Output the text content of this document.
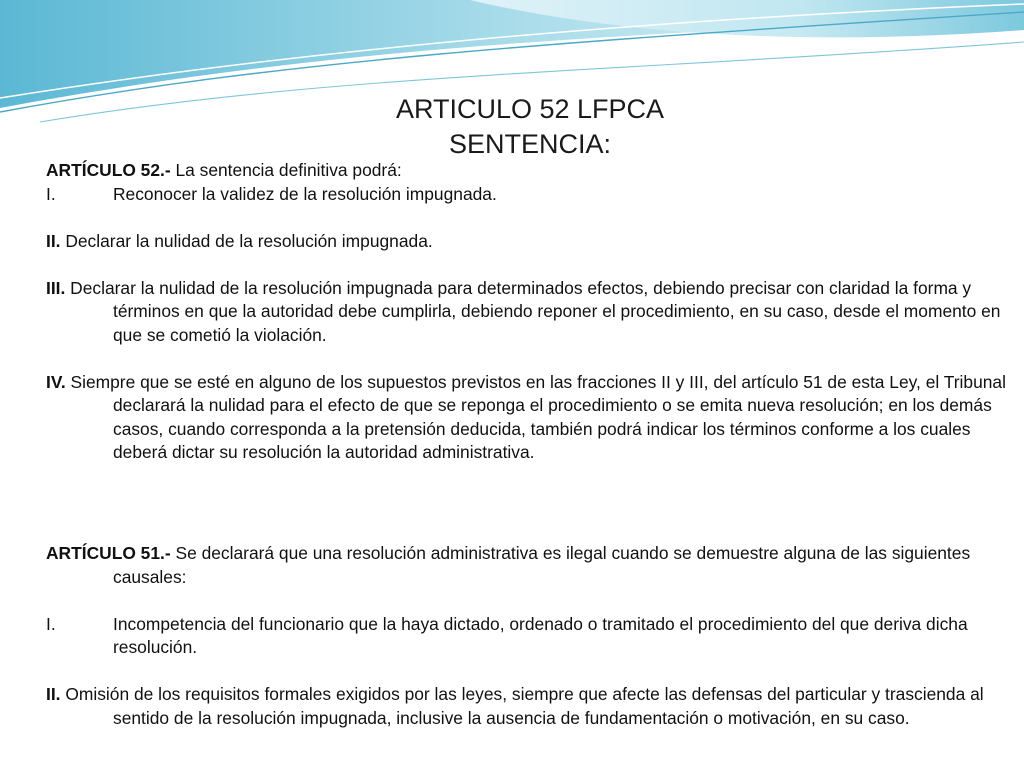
ARTICULO 52 LFPCA
SENTENCIA:
ARTÍCULO 52.- La sentencia definitiva podrá:
I.	Reconocer la validez de la resolución impugnada.
II. Declarar la nulidad de la resolución impugnada.
III. Declarar la nulidad de la resolución impugnada para determinados efectos, debiendo precisar con claridad la forma y términos en que la autoridad debe cumplirla, debiendo reponer el procedimiento, en su caso, desde el momento en que se cometió la violación.
IV. Siempre que se esté en alguno de los supuestos previstos en las fracciones II y III, del artículo 51 de esta Ley, el Tribunal declarará la nulidad para el efecto de que se reponga el procedimiento o se emita nueva resolución; en los demás casos, cuando corresponda a la pretensión deducida, también podrá indicar los términos conforme a los cuales deberá dictar su resolución la autoridad administrativa.
ARTÍCULO 51.- Se declarará que una resolución administrativa es ilegal cuando se demuestre alguna de las siguientes causales:
I.	Incompetencia del funcionario que la haya dictado, ordenado o tramitado el procedimiento del que deriva dicha resolución.
II. Omisión de los requisitos formales exigidos por las leyes, siempre que afecte las defensas del particular y trascienda al sentido de la resolución impugnada, inclusive la ausencia de fundamentación o motivación, en su caso.
